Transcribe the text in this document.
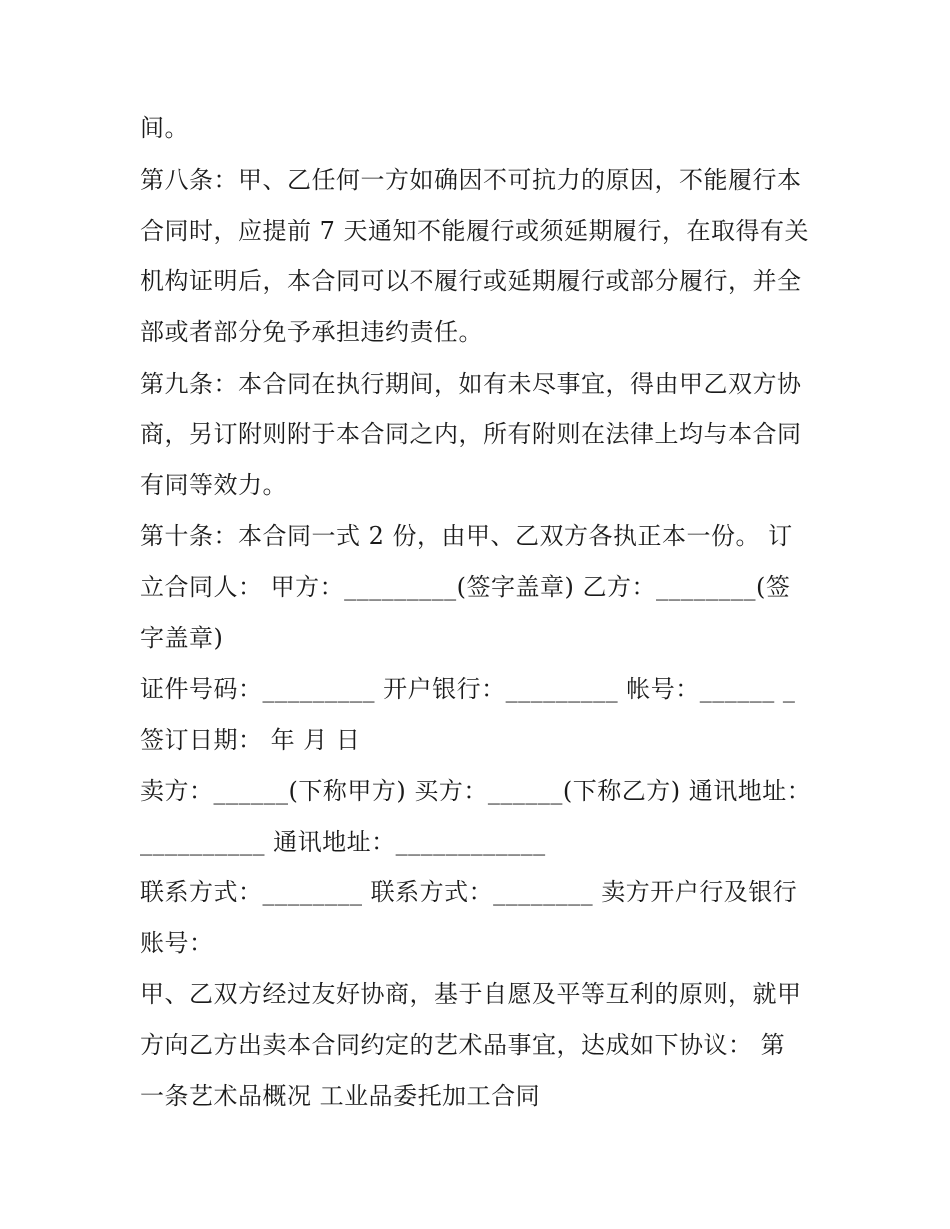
间。
第八条：甲、乙任何一方如确因不可抗力的原因，不能履行本
合同时，应提前 7 天通知不能履行或须延期履行，在取得有关
机构证明后，本合同可以不履行或延期履行或部分履行，并全
部或者部分免予承担违约责任。
第九条：本合同在执行期间，如有未尽事宜，得由甲乙双方协
商，另订附则附于本合同之内，所有附则在法律上均与本合同
有同等效力。
第十条：本合同一式 2 份，由甲、乙双方各执正本一份。 订
立合同人： 甲方：_________(签字盖章) 乙方：________(签
字盖章)
证件号码：_________ 开户银行：_________ 帐号：______ _
签订日期： 年 月 日
卖方：______(下称甲方) 买方：______(下称乙方) 通讯地址：
__________ 通讯地址：____________
联系方式：________ 联系方式：________ 卖方开户行及银行
账号：
甲、乙双方经过友好协商，基于自愿及平等互利的原则，就甲
方向乙方出卖本合同约定的艺术品事宜，达成如下协议： 第
一条艺术品概况 工业品委托加工合同
